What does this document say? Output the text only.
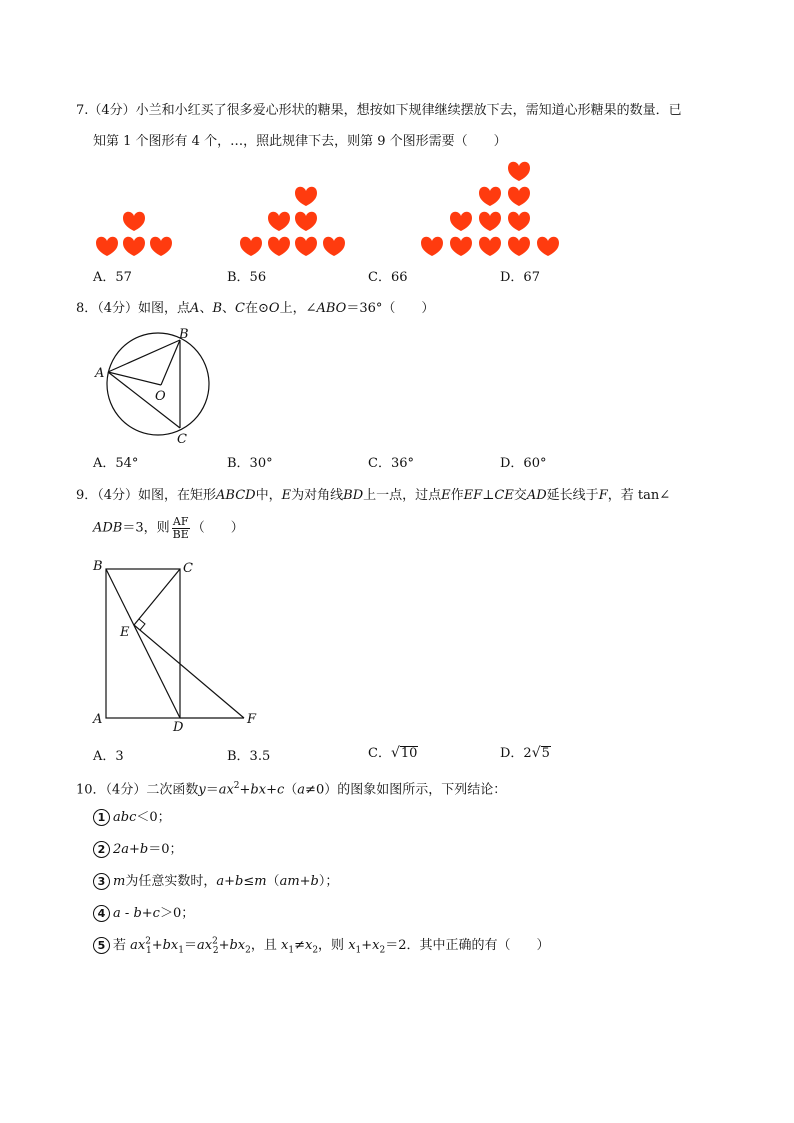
7.（4分）小兰和小红买了很多爱心形状的糖果，想按如下规律继续摆放下去，需知道心形糖果的数量．已
知第 1 个图形有 4 个，…，照此规律下去，则第 9 个图形需要（　　）
A．57	B．56	C．66	D．67
8．（4分）如图，点A、B、C在⊙O上，∠ABO＝36°（　　）
A
B
C
O
A．54°	B．30°	C．36°	D．60°
9．（4分）如图，在矩形ABCD中，E为对角线BD上一点，过点E作EF⊥CE交AD延长线于F，若 tan∠
ADB＝3，则 $\frac{AF}{BE}$ （　　）
B	C
E
A
D
F
A．3	B．3.5	C．√10	D．2√5
10．（4分）二次函数$y=ax^2+bx+c(a\ne 0)$的图象如图所示，下列结论：
1 abc＜0；
2 2a+b＝0；
3 m为任意实数时，a+b≤m（am+b）；
4 a - b+c＞0；
5 若 $ax^2_1+bx_1=ax^2_2+bx_2$，且 $x_1\ne x_2$，则 $x_1+x_2=2$．其中正确的有（　　）
